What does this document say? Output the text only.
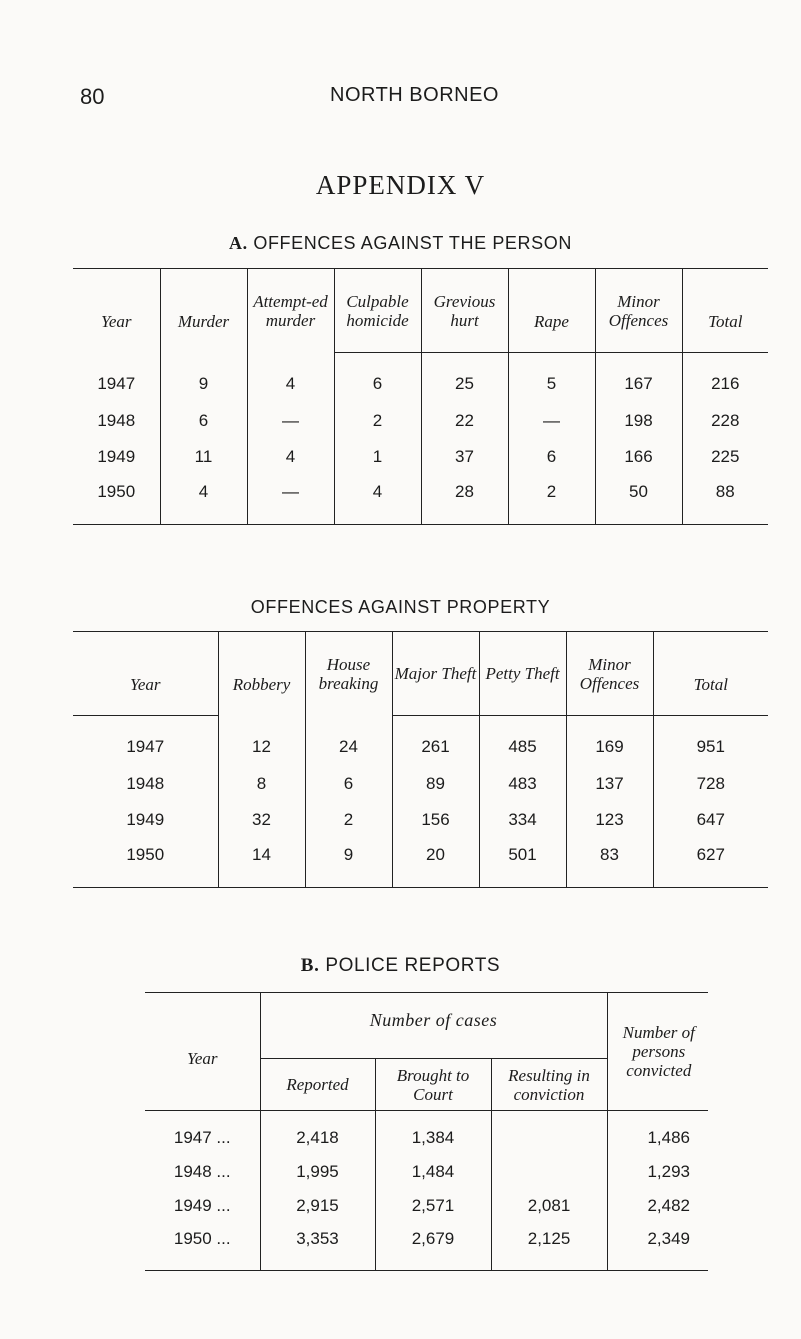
80	NORTH BORNEO
APPENDIX V
A. OFFENCES AGAINST THE PERSON
Year	Murder	Attempt-ed murder	Culpable homicide	Grevious hurt	Rape	Minor Offences	Total
1947	9	4	6	25	5	167	216
1948	6	—	2	22	—	198	228
1949	11	4	1	37	6	166	225
1950	4	—	4	28	2	50	88
OFFENCES AGAINST PROPERTY
Year	Robbery	House breaking	Major Theft	Petty Theft	Minor Offences	Total
1947	12	24	261	485	169	951
1948	8	6	89	483	137	728
1949	32	2	156	334	123	647
1950	14	9	20	501	83	627
B. POLICE REPORTS
Year	Number of cases			Number of persons convicted
	Reported	Brought to Court	Resulting in conviction	
1947 ...	2,418	1,384		1,486
1948 ...	1,995	1,484		1,293
1949 ...	2,915	2,571	2,081	2,482
1950 ...	3,353	2,679	2,125	2,349
